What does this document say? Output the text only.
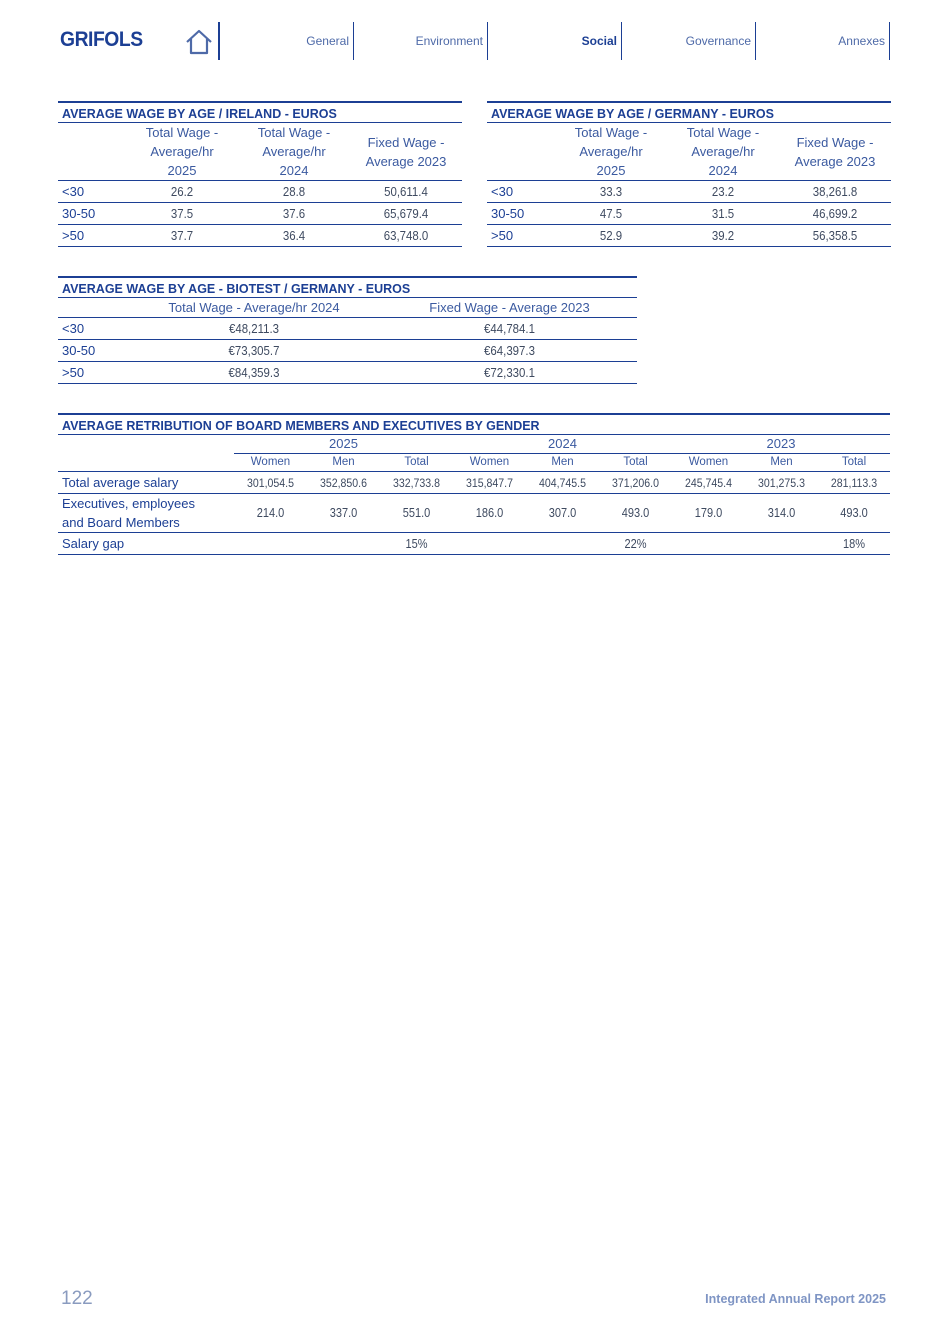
GRIFOLS	General	Environment	Social	Governance	Annexes
AVERAGE WAGE BY AGE / IRELAND - EUROS
	Total Wage -
Average/hr
2025	Total Wage -
Average/hr
2024	Fixed Wage -
Average 2023
<30	26.2	28.8	50,611.4
30-50	37.5	37.6	65,679.4
>50	37.7	36.4	63,748.0
AVERAGE WAGE BY AGE / GERMANY - EUROS
	Total Wage -
Average/hr
2025	Total Wage -
Average/hr
2024	Fixed Wage -
Average 2023
<30	33.3	23.2	38,261.8
30-50	47.5	31.5	46,699.2
>50	52.9	39.2	56,358.5
AVERAGE WAGE BY AGE - BIOTEST / GERMANY - EUROS
	Total Wage - Average/hr 2024	Fixed Wage - Average 2023
<30	€48,211.3	€44,784.1
30-50	€73,305.7	€64,397.3
>50	€84,359.3	€72,330.1
AVERAGE RETRIBUTION OF BOARD MEMBERS AND EXECUTIVES BY GENDER
	2025			2024			2023		
	Women	Men	Total	Women	Men	Total	Women	Men	Total
Total average salary	301,054.5	352,850.6	332,733.8	315,847.7	404,745.5	371,206.0	245,745.4	301,275.3	281,113.3
Executives, employees
and Board Members	214.0	337.0	551.0	186.0	307.0	493.0	179.0	314.0	493.0
Salary gap			15%			22%			18%
122	Integrated Annual Report 2025
